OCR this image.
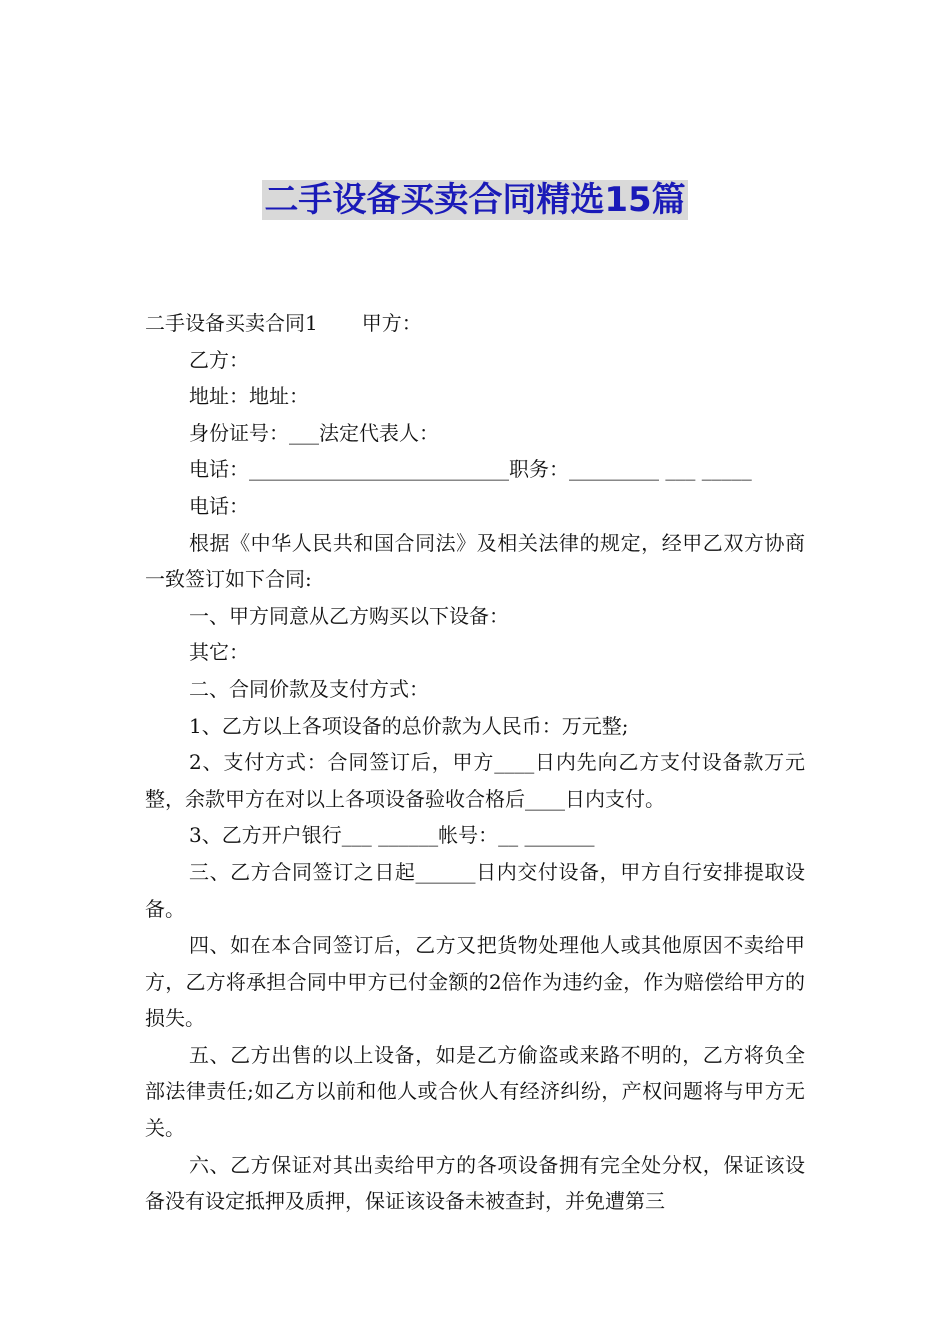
二手设备买卖合同精选15篇

二手设备买卖合同1 甲方：

乙方：

地址：地址：

身份证号：___法定代表人：

电话：__________________________职务：_________ ___ _____

电话：

根据《中华人民共和国合同法》及相关法律的规定，经甲乙双方协商一致签订如下合同:

一、甲方同意从乙方购买以下设备：

其它：

二、合同价款及支付方式：

1、乙方以上各项设备的总价款为人民币：万元整;

2、支付方式：合同签订后，甲方____日内先向乙方支付设备款万元整，余款甲方在对以上各项设备验收合格后____日内支付。

3、乙方开户银行___ ______帐号：__ _______

三、乙方合同签订之日起______日内交付设备，甲方自行安排提取设备。

四、如在本合同签订后，乙方又把货物处理他人或其他原因不卖给甲方，乙方将承担合同中甲方已付金额的2倍作为违约金，作为赔偿给甲方的损失。

五、乙方出售的以上设备，如是乙方偷盗或来路不明的，乙方将负全部法律责任;如乙方以前和他人或合伙人有经济纠纷，产权问题将与甲方无关。

六、乙方保证对其出卖给甲方的各项设备拥有完全处分权，保证该设备没有设定抵押及质押，保证该设备未被查封，并免遭第三
